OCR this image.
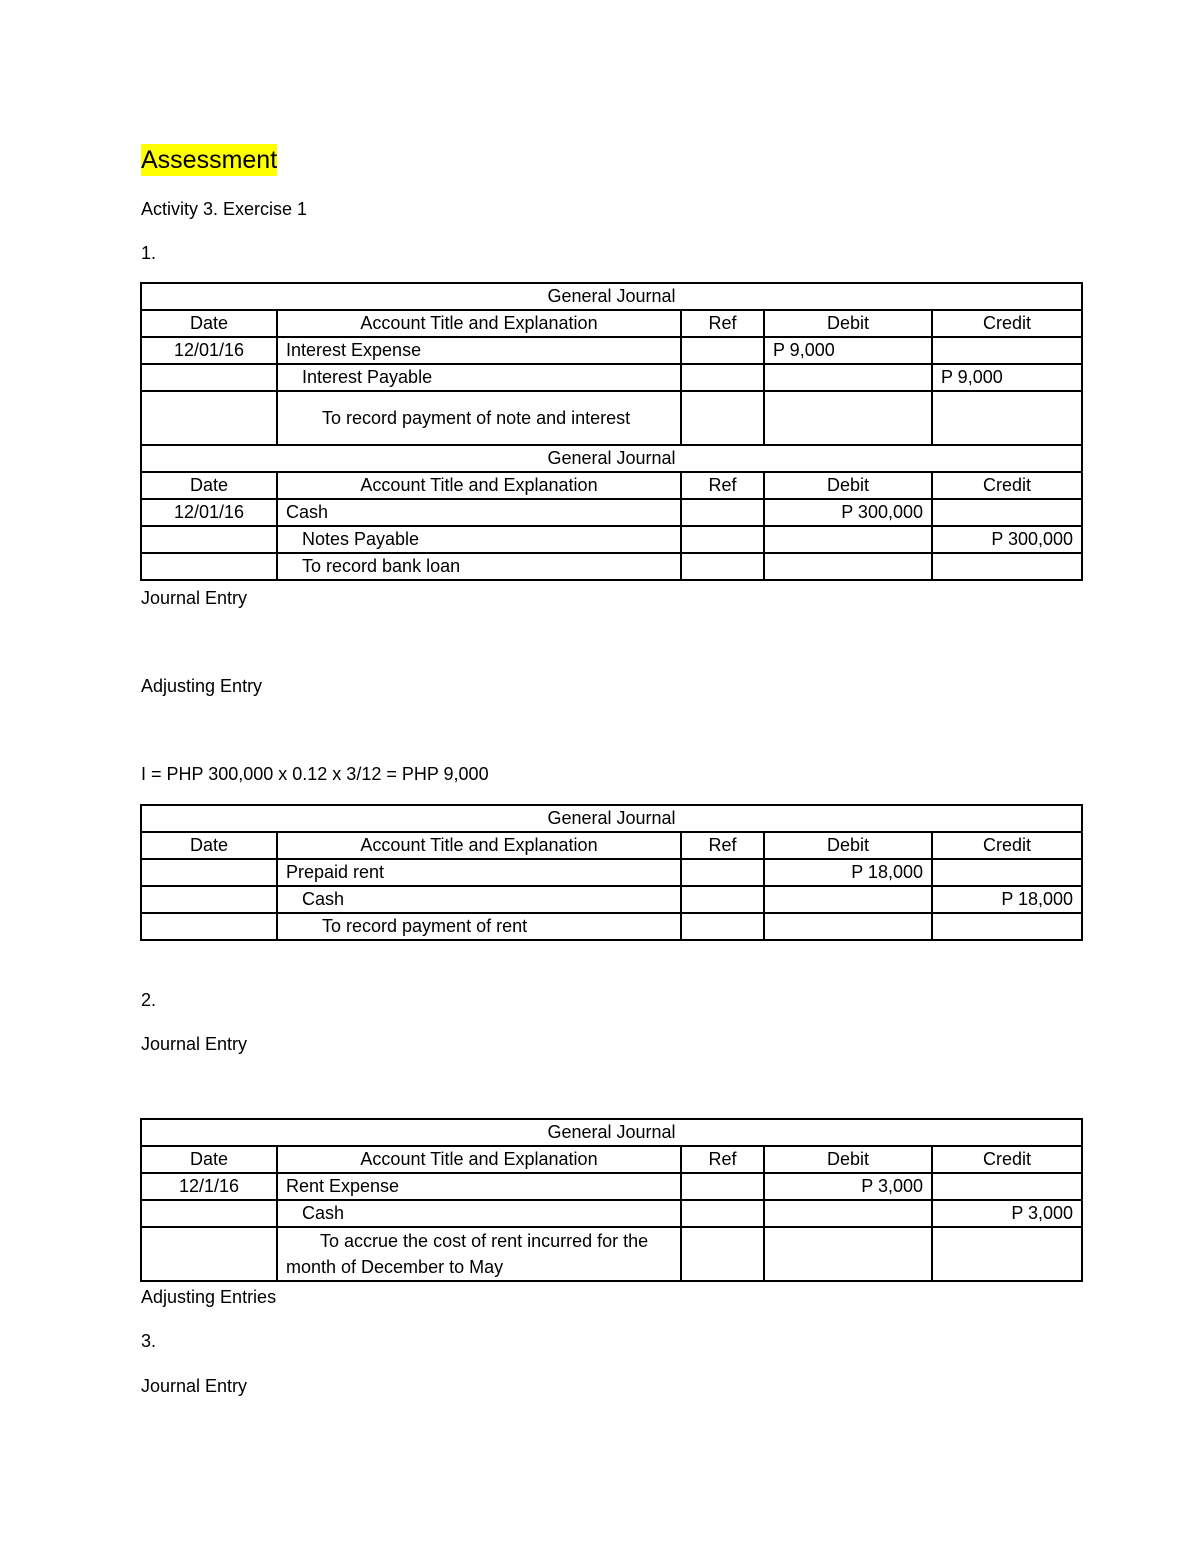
Assessment
Activity 3. Exercise 1
1.
General Journal				
Date	Account Title and Explanation	Ref	Debit	Credit
12/01/16	Interest Expense		P 9,000	
	Interest Payable			P 9,000
	To record payment of note and interest			
General Journal				
Date	Account Title and Explanation	Ref	Debit	Credit
12/01/16	Cash		P 300,000	
	Notes Payable			P 300,000
	To record bank loan			
Journal Entry
Adjusting Entry
I = PHP 300,000 x 0.12 x 3/12 = PHP 9,000
General Journal				
Date	Account Title and Explanation	Ref	Debit	Credit
	Prepaid rent		P 18,000	
	Cash			P 18,000
	To record payment of rent			
2.
Journal Entry
General Journal				
Date	Account Title and Explanation	Ref	Debit	Credit
12/1/16	Rent Expense		P 3,000	
	Cash			P 3,000
	To accrue the cost of rent incurred for the month of December to May			
Adjusting Entries
3.
Journal Entry
